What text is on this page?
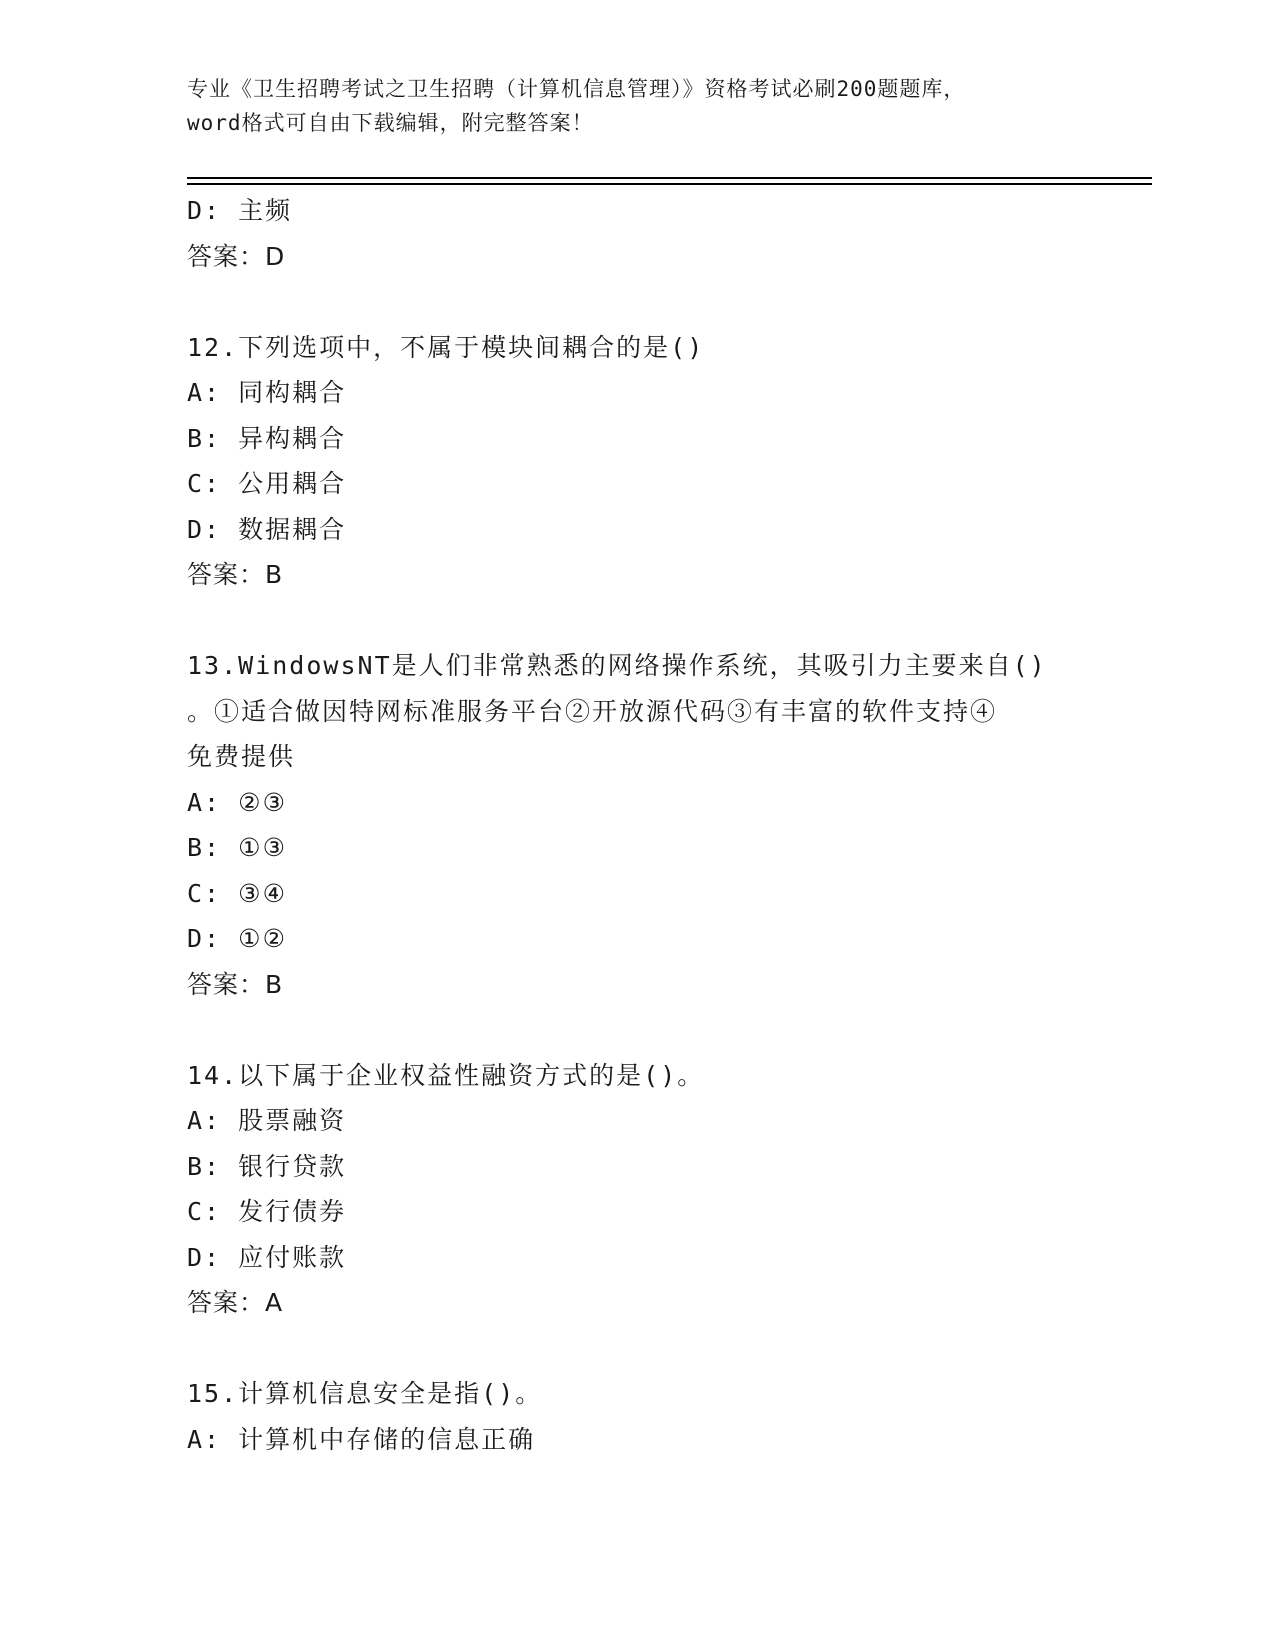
专业《卫生招聘考试之卫生招聘（计算机信息管理）》资格考试必刷200题题库，
word格式可自由下载编辑，附完整答案！
D: 主频
答案：D
12.下列选项中，不属于模块间耦合的是()
A: 同构耦合
B: 异构耦合
C: 公用耦合
D: 数据耦合
答案：B
13.WindowsNT是人们非常熟悉的网络操作系统，其吸引力主要来自()
。①适合做因特网标准服务平台②开放源代码③有丰富的软件支持④
免费提供
A: ②③
B: ①③
C: ③④
D: ①②
答案：B
14.以下属于企业权益性融资方式的是()。
A: 股票融资
B: 银行贷款
C: 发行债券
D: 应付账款
答案：A
15.计算机信息安全是指()。
A: 计算机中存储的信息正确
